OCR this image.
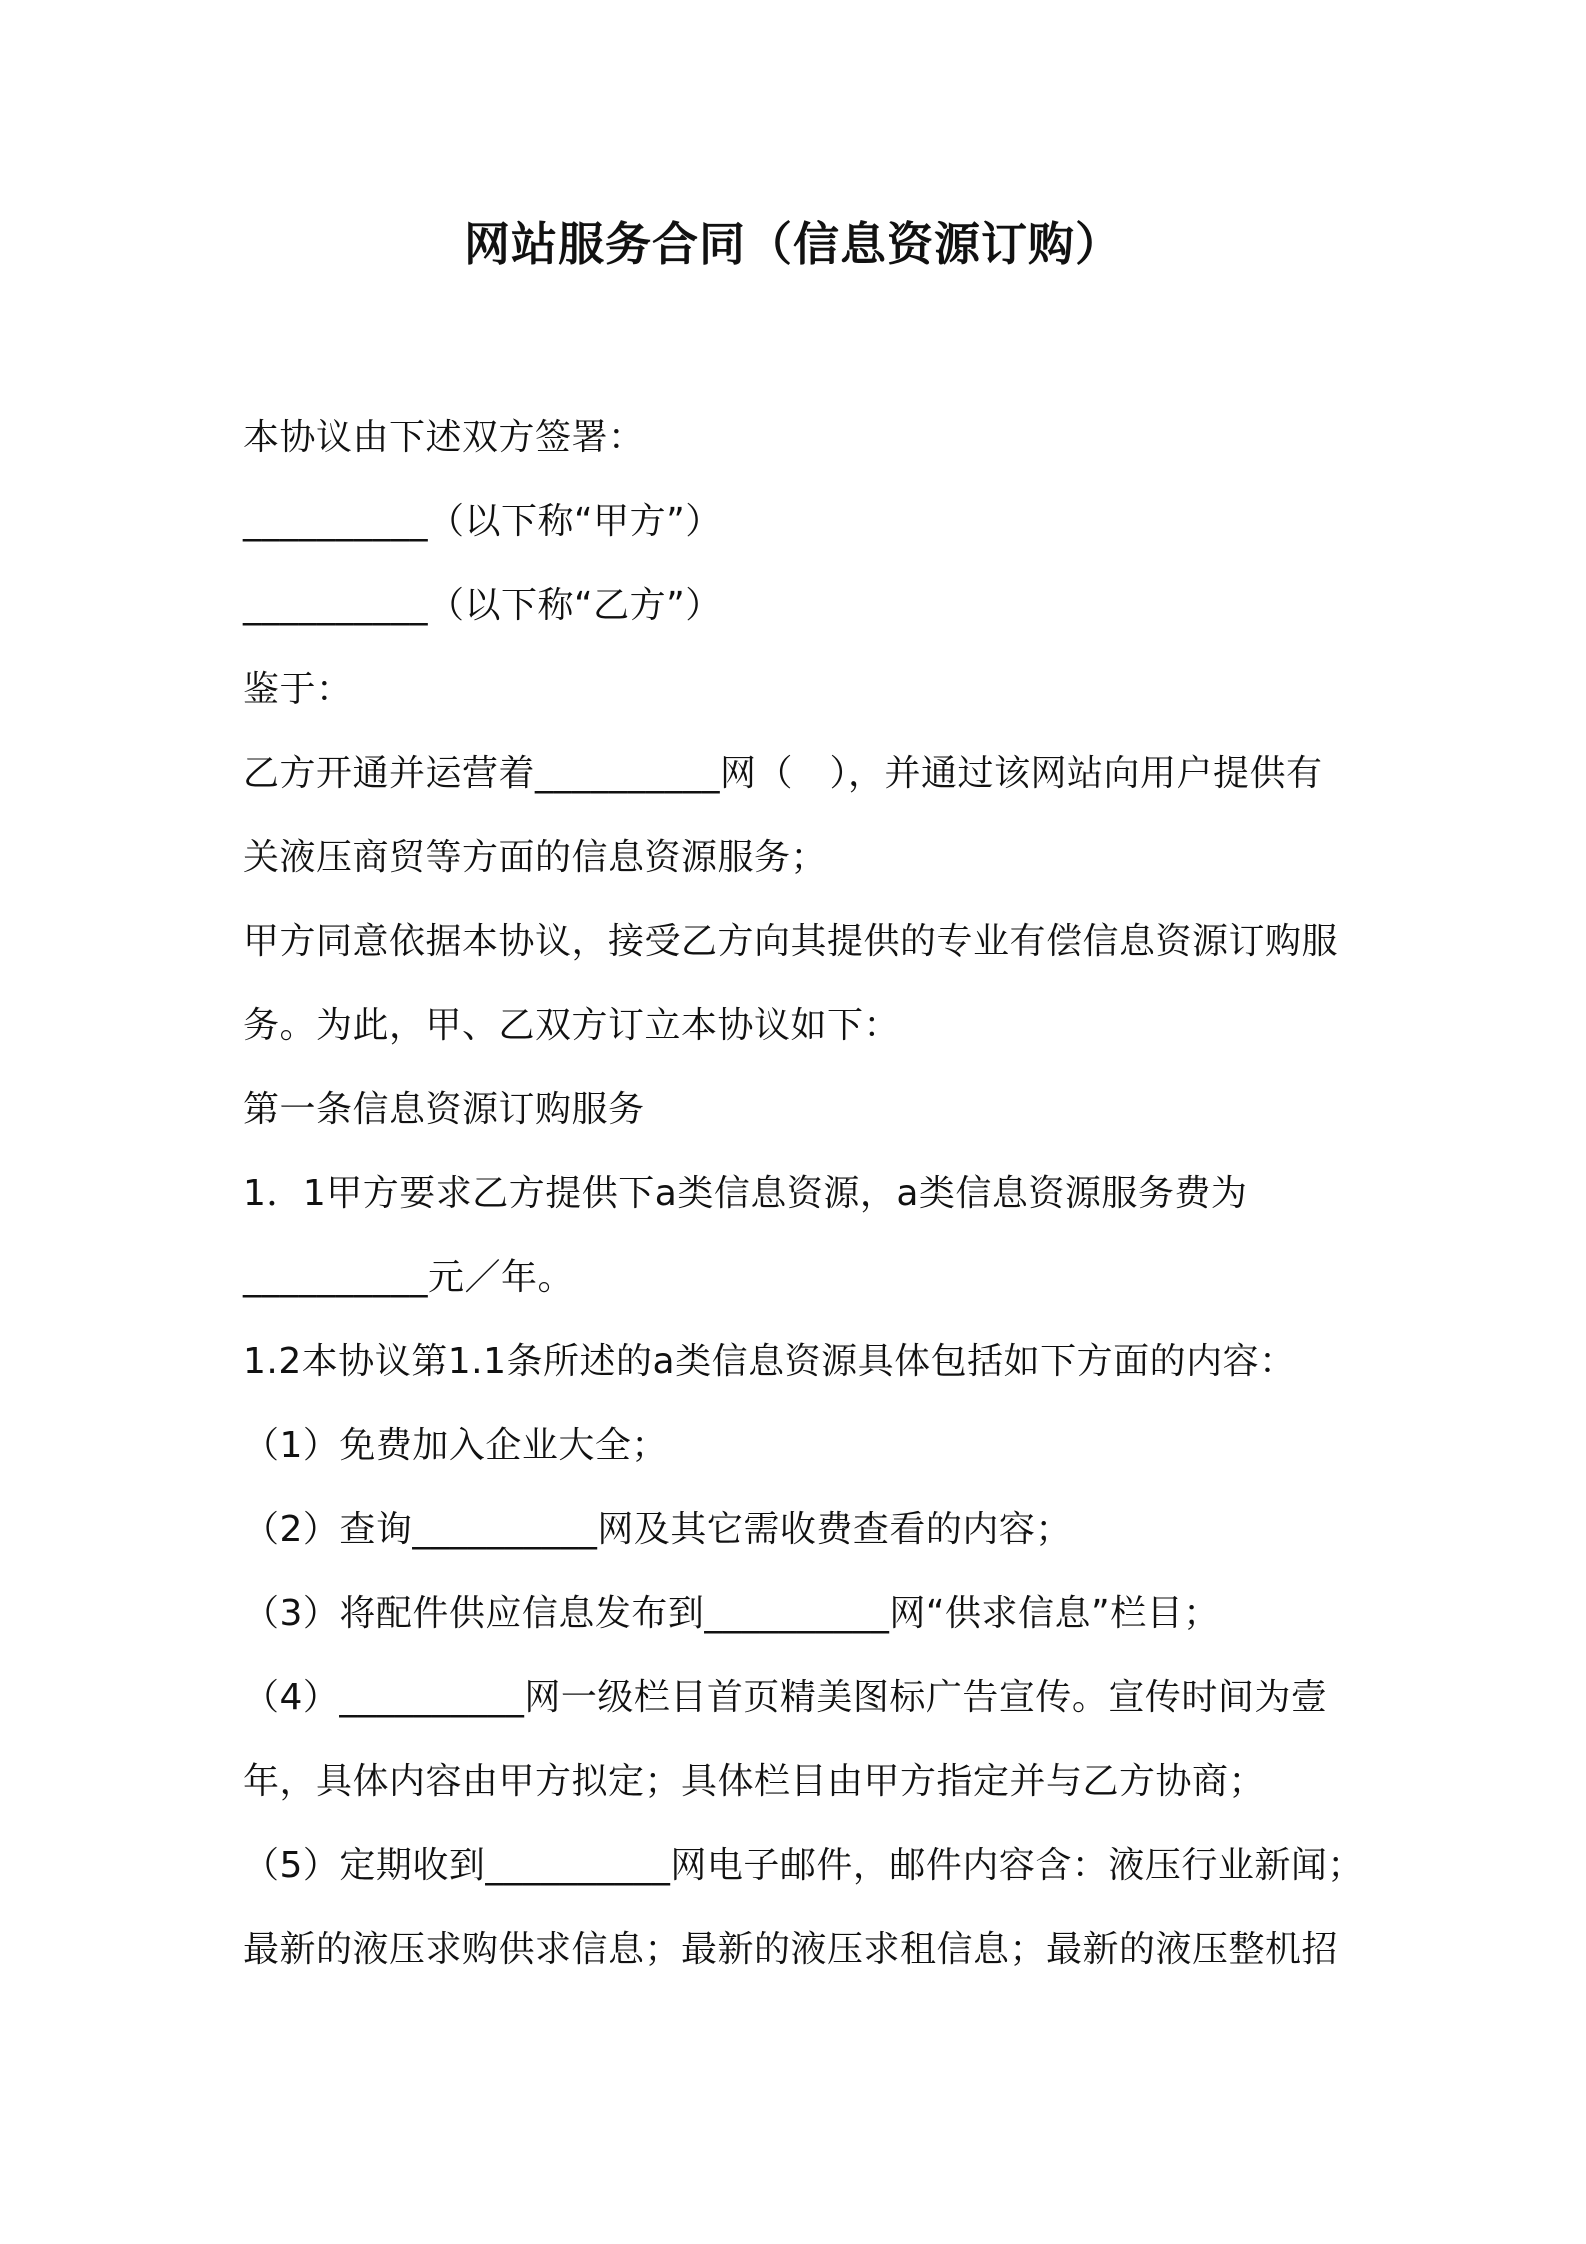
网站服务合同（信息资源订购）
本协议由下述双方签署：
__________（以下称“甲方”）
__________（以下称“乙方”）
鉴于：
乙方开通并运营着__________网（　），并通过该网站向用户提供有
关液压商贸等方面的信息资源服务；
甲方同意依据本协议，接受乙方向其提供的专业有偿信息资源订购服
务。为此，甲、乙双方订立本协议如下：
第一条信息资源订购服务
1．1甲方要求乙方提供下a类信息资源，a类信息资源服务费为
__________元／年。
1.2本协议第1.1条所述的a类信息资源具体包括如下方面的内容：
（1）免费加入企业大全；
（2）查询__________网及其它需收费查看的内容；
（3）将配件供应信息发布到__________网“供求信息”栏目；
（4）__________网一级栏目首页精美图标广告宣传。宣传时间为壹
年，具体内容由甲方拟定；具体栏目由甲方指定并与乙方协商；
（5）定期收到__________网电子邮件，邮件内容含：液压行业新闻；
最新的液压求购供求信息；最新的液压求租信息；最新的液压整机招
